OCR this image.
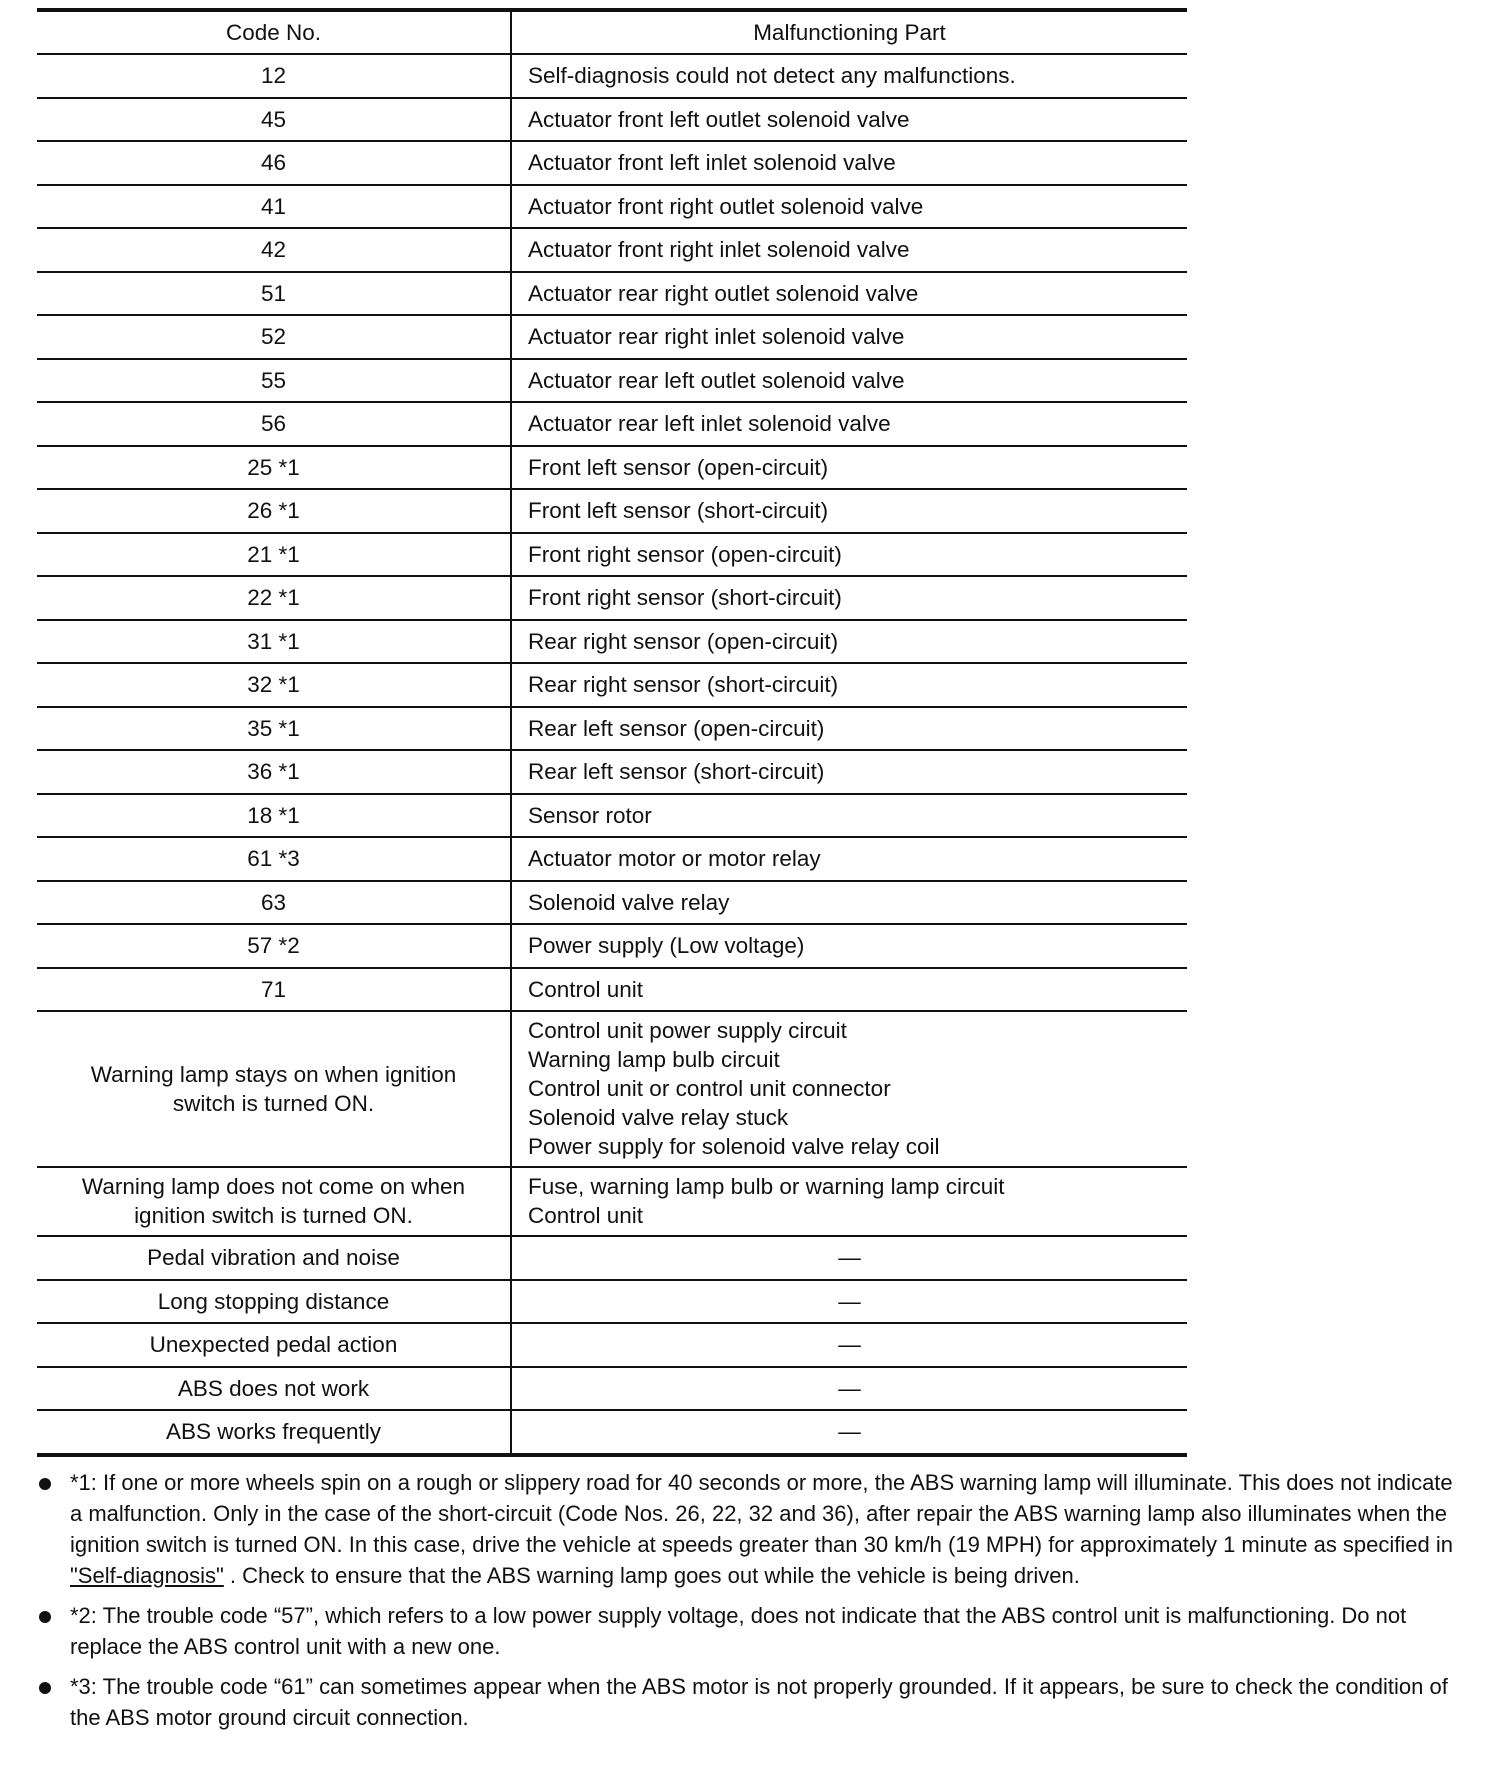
Code No.	Malfunctioning Part
12	Self-diagnosis could not detect any malfunctions.
45	Actuator front left outlet solenoid valve
46	Actuator front left inlet solenoid valve
41	Actuator front right outlet solenoid valve
42	Actuator front right inlet solenoid valve
51	Actuator rear right outlet solenoid valve
52	Actuator rear right inlet solenoid valve
55	Actuator rear left outlet solenoid valve
56	Actuator rear left inlet solenoid valve
25 *1	Front left sensor (open-circuit)
26 *1	Front left sensor (short-circuit)
21 *1	Front right sensor (open-circuit)
22 *1	Front right sensor (short-circuit)
31 *1	Rear right sensor (open-circuit)
32 *1	Rear right sensor (short-circuit)
35 *1	Rear left sensor (open-circuit)
36 *1	Rear left sensor (short-circuit)
18 *1	Sensor rotor
61 *3	Actuator motor or motor relay
63	Solenoid valve relay
57 *2	Power supply (Low voltage)
71	Control unit
Warning lamp stays on when ignition switch is turned ON.	Control unit power supply circuit
Warning lamp bulb circuit
Control unit or control unit connector
Solenoid valve relay stuck
Power supply for solenoid valve relay coil

Warning lamp does not come on when ignition switch is turned ON.	Fuse, warning lamp bulb or warning lamp circuit
Control unit

Pedal vibration and noise	—
Long stopping distance	—
Unexpected pedal action	—
ABS does not work	—
ABS works frequently	—
*1: If one or more wheels spin on a rough or slippery road for 40 seconds or more, the ABS warning lamp will illuminate. This does not indicate a malfunction. Only in the case of the short-circuit (Code Nos. 26, 22, 32 and 36), after repair the ABS warning lamp also illuminates when the ignition switch is turned ON. In this case, drive the vehicle at speeds greater than 30 km/h (19 MPH) for approximately 1 minute as specified in "Self-diagnosis" . Check to ensure that the ABS warning lamp goes out while the vehicle is being driven.
*2: The trouble code “57”, which refers to a low power supply voltage, does not indicate that the ABS control unit is malfunctioning. Do not replace the ABS control unit with a new one.
*3: The trouble code “61” can sometimes appear when the ABS motor is not properly grounded. If it appears, be sure to check the condition of the ABS motor ground circuit connection.
